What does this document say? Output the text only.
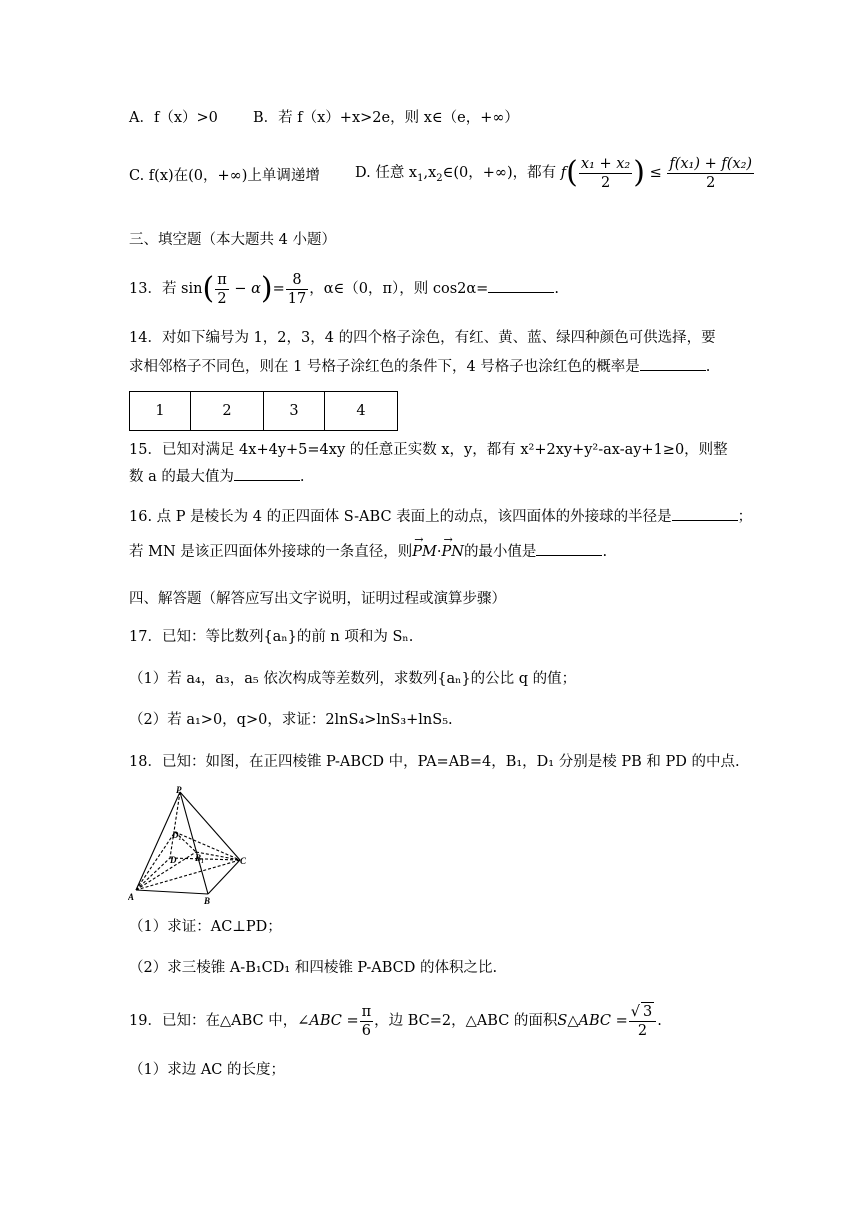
A．f（x）>0 B．若 f（x）+x>2e，则 x∈（e，+∞）
C. f(x)在(0，+∞)上单调递增 D. 任意 $x_1,x_2\in(0$，+∞)，都有 $f( \frac{\text{x₁ + x₂}}{2}$ ) ≤ $\frac{\text{f(x₁) + f(x₂)}}{2}$
三、填空题（本大题共 4 小题）
13．若 $\sin( \frac{\pi}{2} - \alpha)= \frac{8}{17}$ ，α∈（0，π），则 cos2α=	.
14．对如下编号为 1，2，3，4 的四个格子涂色，有红、黄、蓝、绿四种颜色可供选择，要
求相邻格子不同色，则在 1 号格子涂红色的条件下，4 号格子也涂红色的概率是	.
1	2	3	4
15．已知对满足 4x+4y+5=4xy 的任意正实数 x，y，都有 x²+2xy+y²-ax-ay+1≥0，则整
数 a 的最大值为	.
16. 点 P 是棱长为 4 的正四面体 S-ABC 表面上的动点，该四面体的外接球的半径是	；
若 MN 是该正四面体外接球的一条直径，则→ PM·→ PN的最小值是	.
四、解答题（解答应写出文字说明，证明过程或演算步骤）
17．已知：等比数列{aₙ}的前 n 项和为 Sₙ.
（1）若 a₄，a₃，a₅ 依次构成等差数列，求数列{aₙ}的公比 q 的值；
（2）若 a₁>0，q>0，求证：2lnS₄>lnS₃+lnS₅.
18．已知：如图，在正四棱锥 P-ABCD 中，PA=AB=4，B₁，D₁ 分别是棱 PB 和 PD 的中点.
P
A	B
C
D B₁
D₁
（1）求证：AC⊥PD；
（2）求三棱锥 A-B₁CD₁ 和四棱锥 P-ABCD 的体积之比.
19．已知：在△ABC 中，∠ABC = $\frac{\pi}{6}$ ，边 BC=2，△ABC 的面积S△ABC = $\frac{√ 3}{2}$ .
（1）求边 AC 的长度；
